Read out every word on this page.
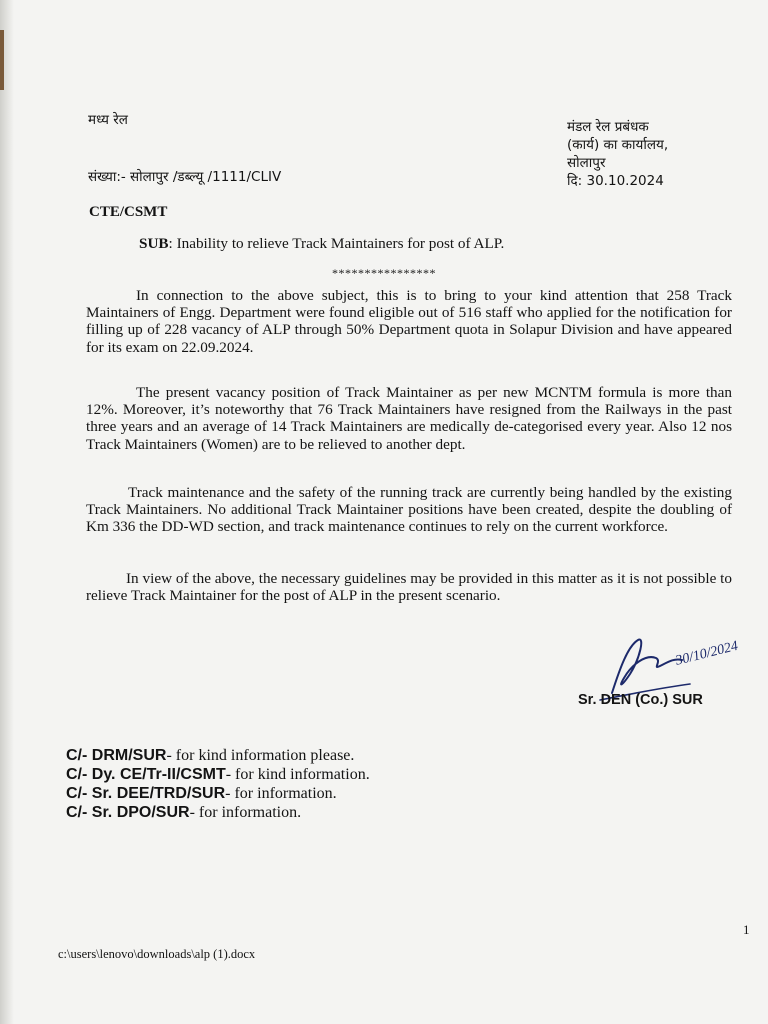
मध्य रेल	मंडल रेल प्रबंधक
(कार्य) का कार्यालय,
सोलापुर
दि: 30.10.2024
संख्या:- सोलापुर /डब्ल्यू /1111/CLIV
CTE/CSMT
SUB: Inability to relieve Track Maintainers for post of ALP.
****************
In connection to the above subject, this is to bring to your kind attention that 258 Track Maintainers of Engg. Department were found eligible out of 516 staff who applied for the notification for filling up of 228 vacancy of ALP through 50% Department quota in Solapur Division and have appeared for its exam on 22.09.2024.
The present vacancy position of Track Maintainer as per new MCNTM formula is more than 12%. Moreover, it’s noteworthy that 76 Track Maintainers have resigned from the Railways in the past three years and an average of 14 Track Maintainers are medically de-categorised every year. Also 12 nos Track Maintainers (Women) are to be relieved to another dept.
Track maintenance and the safety of the running track are currently being handled by the existing Track Maintainers. No additional Track Maintainer positions have been created, despite the doubling of Km 336 the DD-WD section, and track maintenance continues to rely on the current workforce.
In view of the above, the necessary guidelines may be provided in this matter as it is not possible to relieve Track Maintainer for the post of ALP in the present scenario.
30/10/2024
Sr. DEN (Co.) SUR
C/- DRM/SUR- for kind information please.
C/- Dy. CE/Tr-II/CSMT- for kind information.
C/- Sr. DEE/TRD/SUR- for information.
C/- Sr. DPO/SUR- for information.
1
c:\users\lenovo\downloads\alp (1).docx
